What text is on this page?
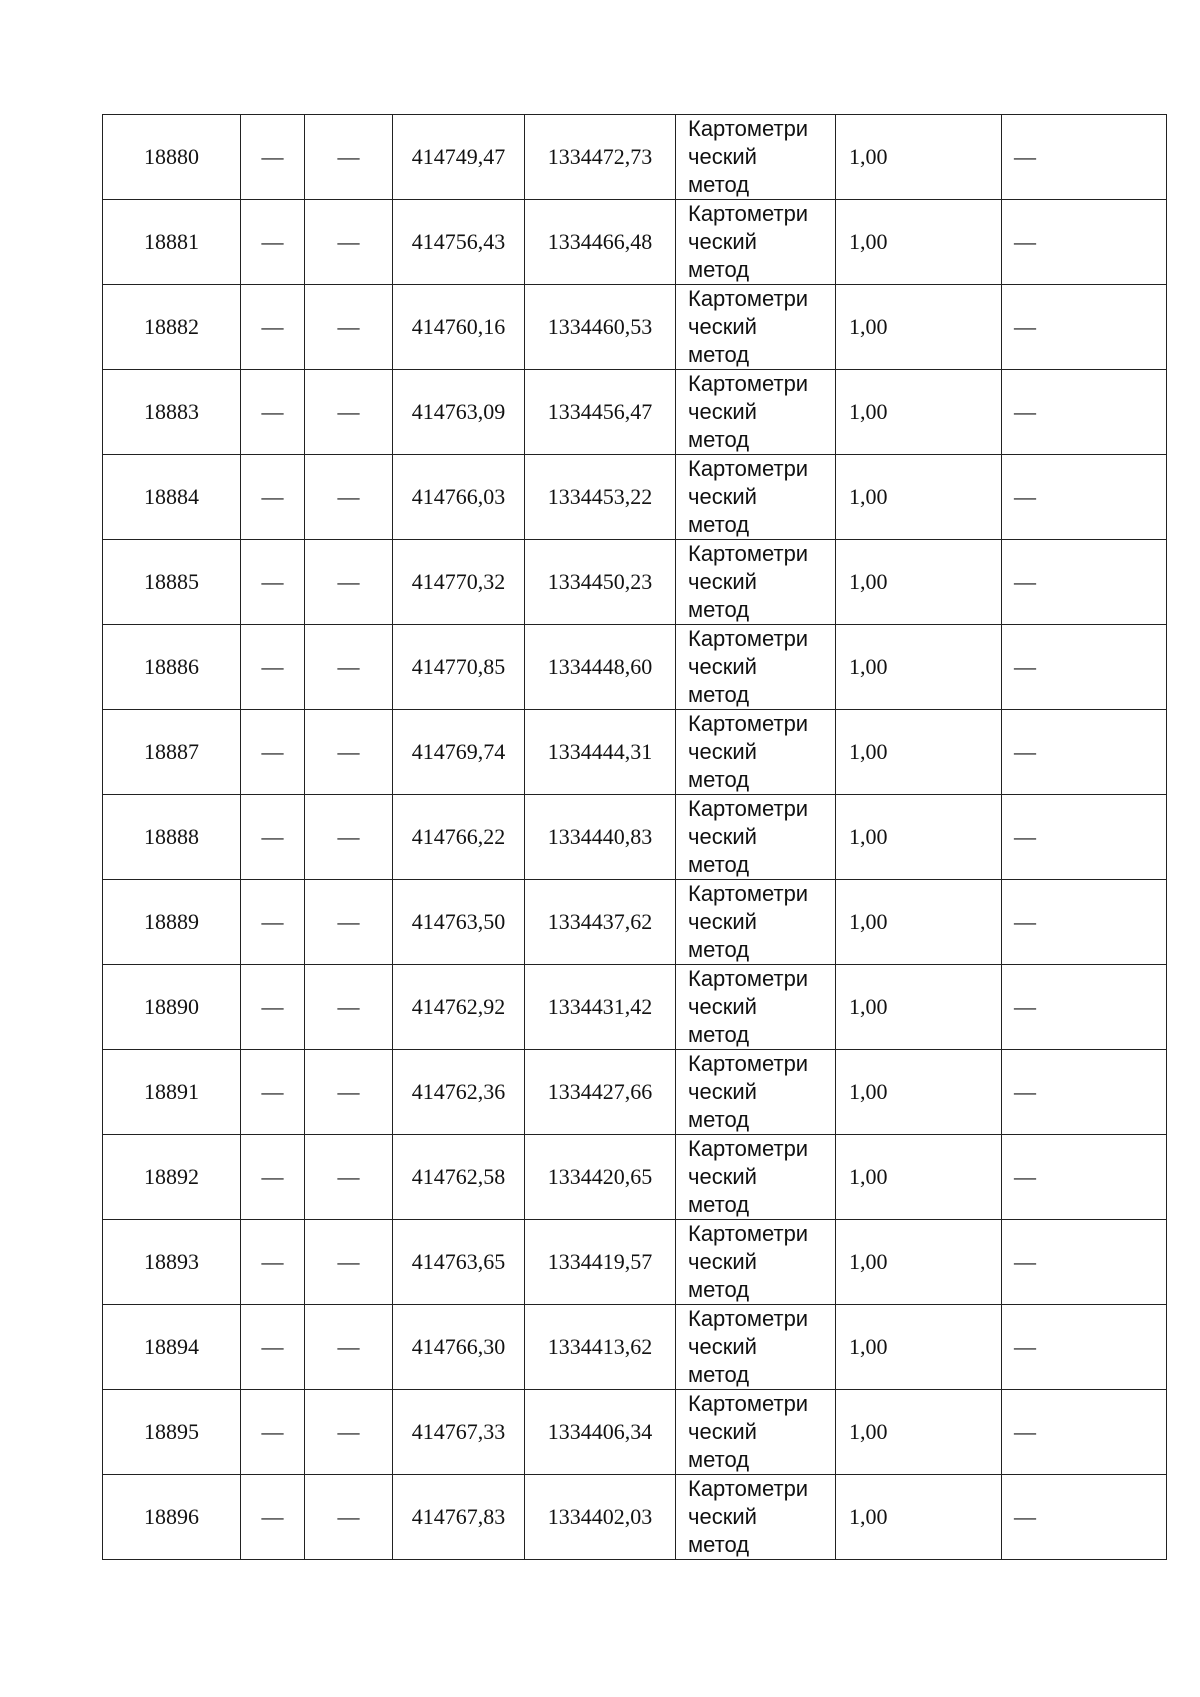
18880	—	—	414749,47	1334472,73	Картометри
ческий
метод	1,00	—
18881	—	—	414756,43	1334466,48	Картометри
ческий
метод	1,00	—
18882	—	—	414760,16	1334460,53	Картометри
ческий
метод	1,00	—
18883	—	—	414763,09	1334456,47	Картометри
ческий
метод	1,00	—
18884	—	—	414766,03	1334453,22	Картометри
ческий
метод	1,00	—
18885	—	—	414770,32	1334450,23	Картометри
ческий
метод	1,00	—
18886	—	—	414770,85	1334448,60	Картометри
ческий
метод	1,00	—
18887	—	—	414769,74	1334444,31	Картометри
ческий
метод	1,00	—
18888	—	—	414766,22	1334440,83	Картометри
ческий
метод	1,00	—
18889	—	—	414763,50	1334437,62	Картометри
ческий
метод	1,00	—
18890	—	—	414762,92	1334431,42	Картометри
ческий
метод	1,00	—
18891	—	—	414762,36	1334427,66	Картометри
ческий
метод	1,00	—
18892	—	—	414762,58	1334420,65	Картометри
ческий
метод	1,00	—
18893	—	—	414763,65	1334419,57	Картометри
ческий
метод	1,00	—
18894	—	—	414766,30	1334413,62	Картометри
ческий
метод	1,00	—
18895	—	—	414767,33	1334406,34	Картометри
ческий
метод	1,00	—
18896	—	—	414767,83	1334402,03	Картометри
ческий
метод	1,00	—
